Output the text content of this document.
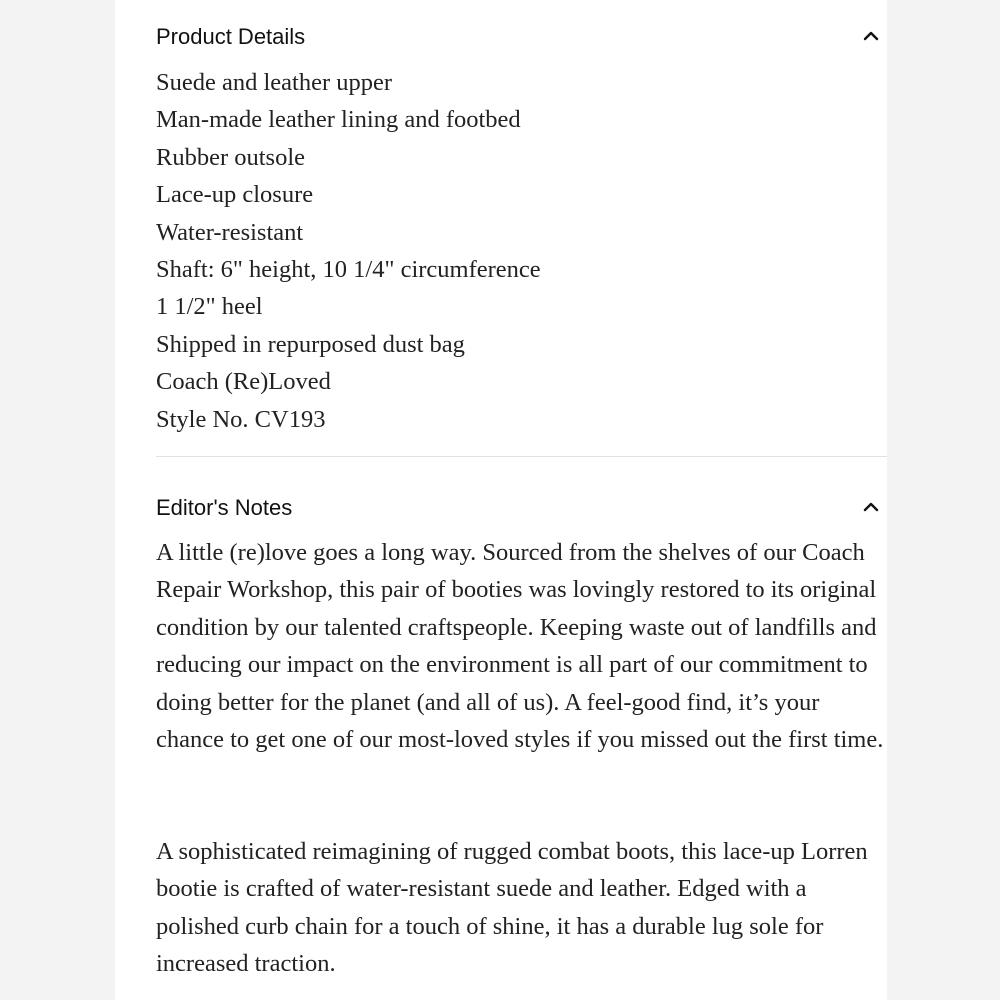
Product Details
Suede and leather upper
Man-made leather lining and footbed
Rubber outsole
Lace-up closure
Water-resistant
Shaft: 6" height, 10 1/4" circumference
1 1/2" heel
Shipped in repurposed dust bag
Coach (Re)Loved
Style No. CV193
Editor's Notes

A little (re)love goes a long way. Sourced from the shelves of our Coach Repair Workshop, this pair of booties was lovingly restored to its original condition by our talented craftspeople. Keeping waste out of landfills and reducing our impact on the environment is all part of our commitment to doing better for the planet (and all of us). A feel-good find, it’s your chance to get one of our most-loved styles if you missed out the first time.

A sophisticated reimagining of rugged combat boots, this lace-up Lorren bootie is crafted of water-resistant suede and leather. Edged with a polished curb chain for a touch of shine, it has a durable lug sole for increased traction.
